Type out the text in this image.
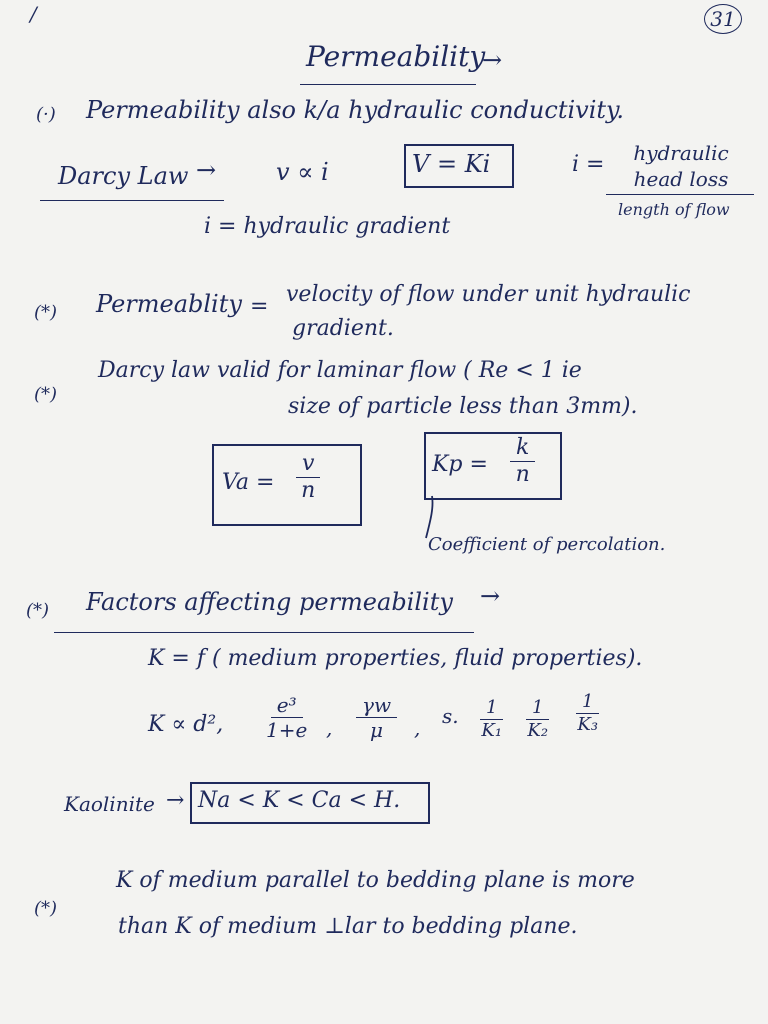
/	31
Permeability
→
(·) Permeability also k/a hydraulic conductivity.
Darcy Law → v ∝ i	V = Ki	i =	hydraulic head loss
length of flow
i = hydraulic gradient
(*) Permeablity = velocity of flow under unit hydraulic
gradient.
(*)
Darcy law valid for laminar flow ( Re < 1 ie
size of particle less than 3mm).
$Va = \frac{v}{n}$	$Kp = \frac{k}{n}$
Coefficient of percolation.
(*) Factors affecting permeability →
K = f ( medium properties, fluid properties).
K ∝ d², $\frac{\text{e³}}{1+e}$ , $\frac{\gamma w}{\mu}$ , s. $\frac{1}{\text{K₁}} \frac{1}{\text{K₂}} \frac{1}{\text{K₃}}$
Kaolinite → Na < K < Ca < H.
(*)
K of medium parallel to bedding plane is more
than K of medium ⊥lar to bedding plane.
